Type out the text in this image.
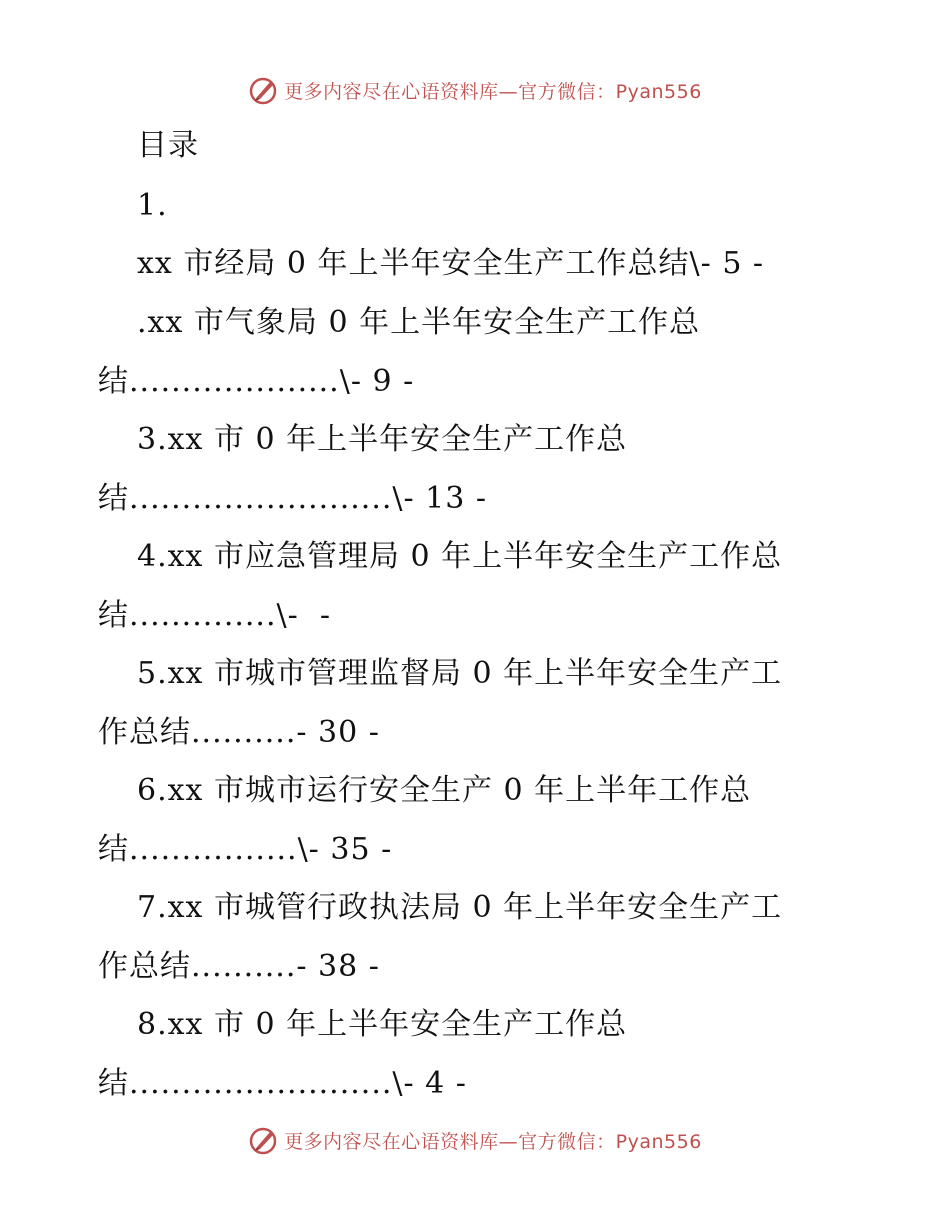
更多内容尽在心语资料库—官方微信：Pyan556
目录
1.
xx 市经局 0 年上半年安全生产工作总结\- 5 -
.xx 市气象局 0 年上半年安全生产工作总
结....................\- 9 -
3.xx 市 0 年上半年安全生产工作总
结.........................\- 13 -
4.xx 市应急管理局 0 年上半年安全生产工作总
结..............\-  -
5.xx 市城市管理监督局 0 年上半年安全生产工
作总结..........- 30 -
6.xx 市城市运行安全生产 0 年上半年工作总
结................\- 35 -
7.xx 市城管行政执法局 0 年上半年安全生产工
作总结..........- 38 -
8.xx 市 0 年上半年安全生产工作总
结.........................\- 4 -
更多内容尽在心语资料库—官方微信：Pyan556
